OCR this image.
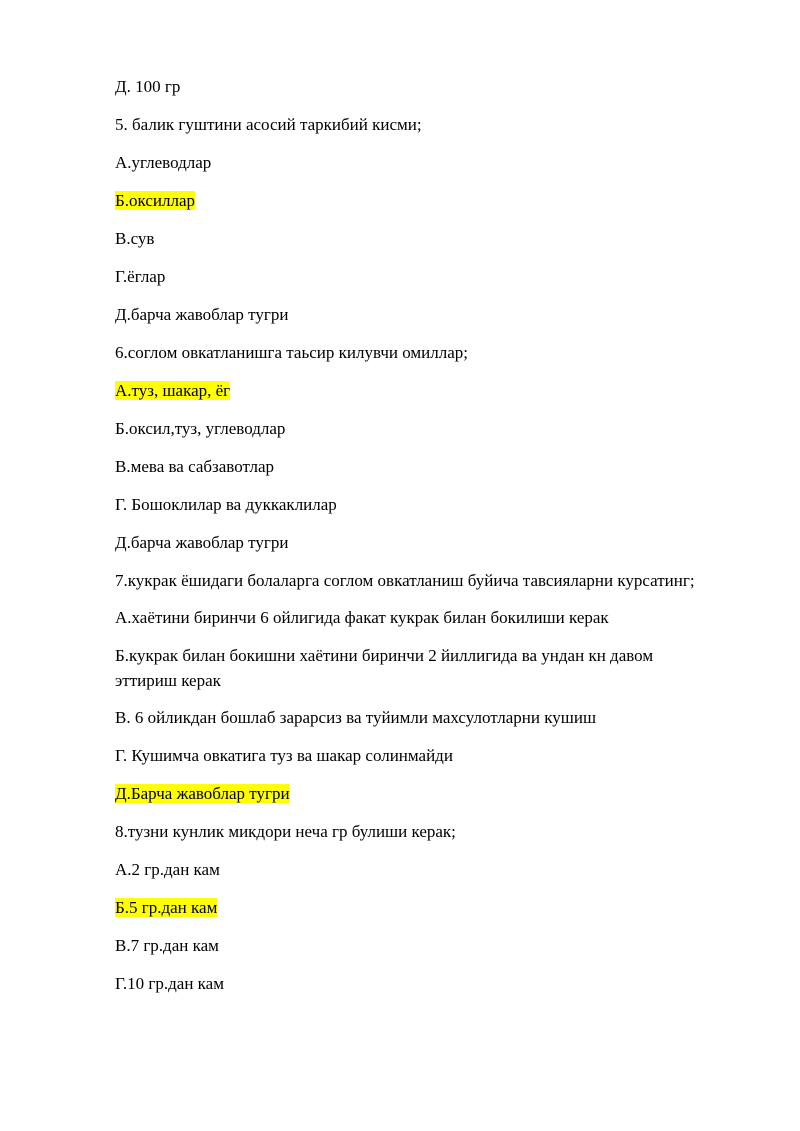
Д. 100 гр
5. балик гуштини асосий таркибий кисми;
А.углеводлар
Б.оксиллар
В.сув
Г.ёглар
Д.барча жавоблар тугри
6.соглом овкатланишга таьсир килувчи омиллар;
А.туз, шакар, ёг
Б.оксил,туз, углеводлар
В.мева ва сабзавотлар
Г. Бошоклилар ва дуккаклилар
Д.барча жавоблар тугри
7.кукрак ёшидаги болаларга соглом овкатланиш буйича тавсияларни курсатинг;
А.хаётини биринчи 6 ойлигида факат кукрак билан бокилиши керак
Б.кукрак билан бокишни хаётини биринчи 2 йиллигида ва ундан кн давом эттириш керак
В. 6 ойликдан бошлаб зарарсиз ва туйимли махсулотларни кушиш
Г. Кушимча овкатига туз ва шакар солинмайди
Д.Барча жавоблар тугри
8.тузни кунлик микдори неча гр булиши керак;
А.2 гр.дан кам
Б.5 гр.дан кам
В.7 гр.дан кам
Г.10 гр.дан кам
